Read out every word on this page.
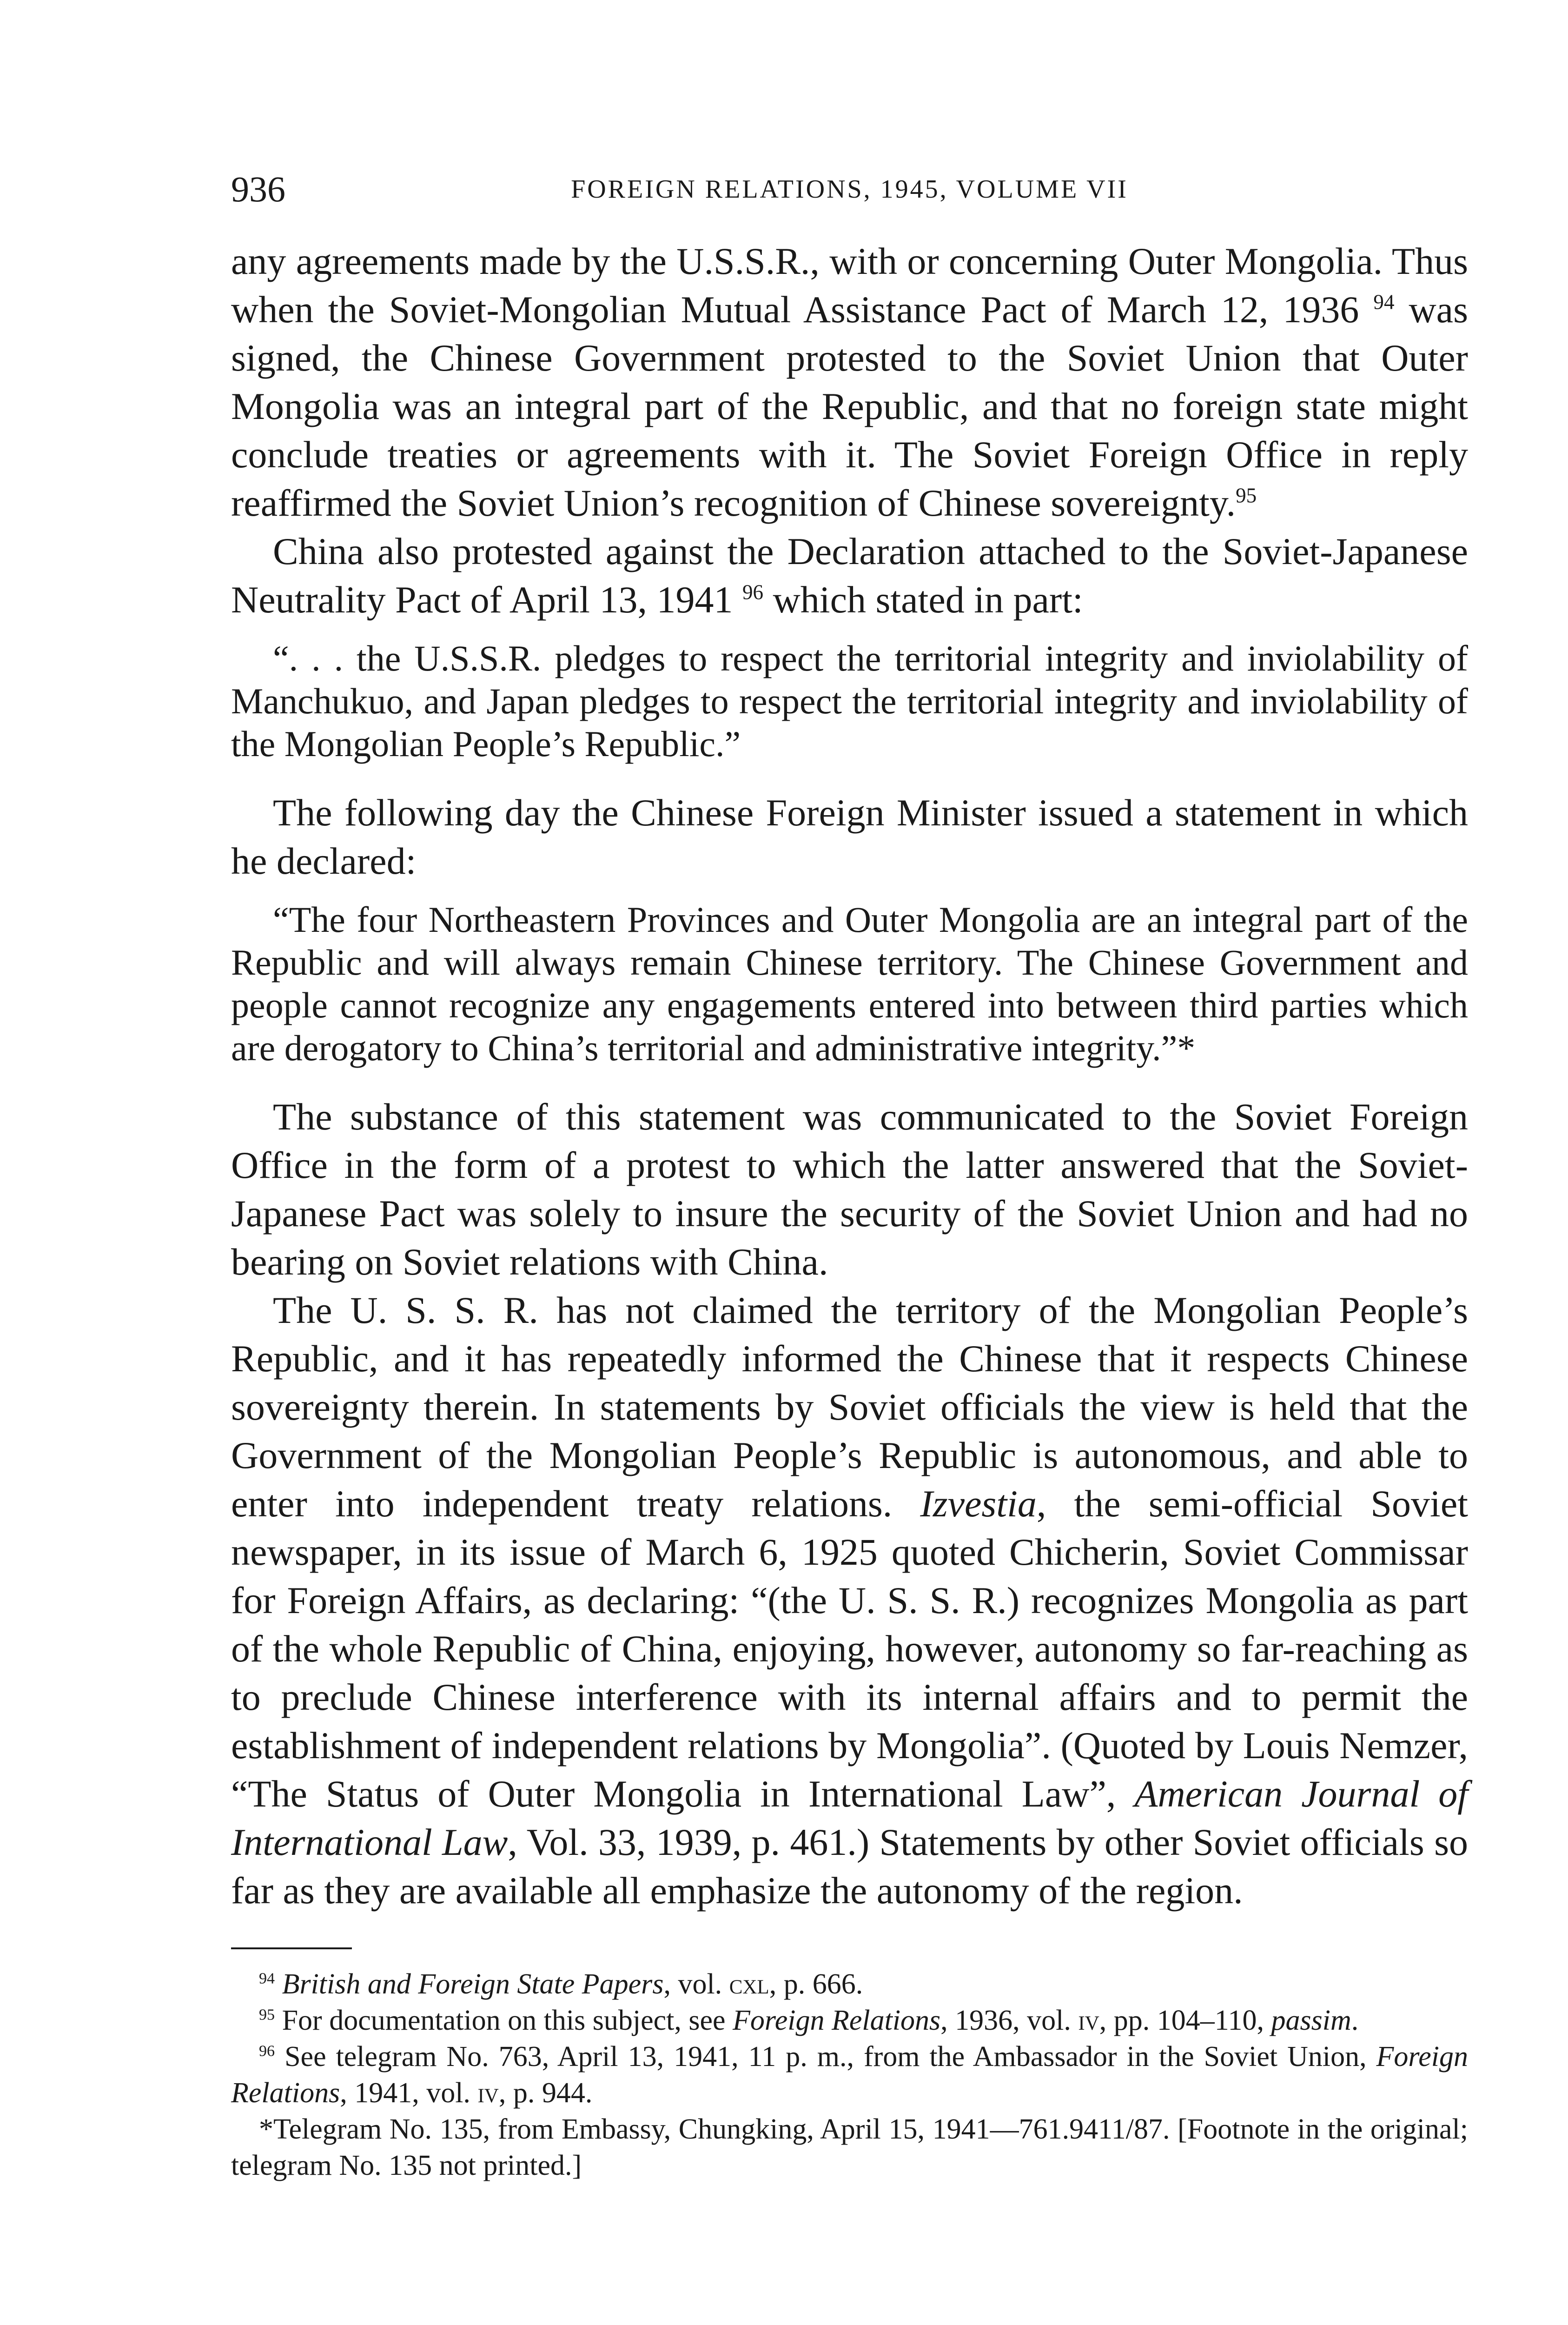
936	FOREIGN RELATIONS, 1945, VOLUME VII

any agreements made by the U.S.S.R., with or concerning Outer Mongolia. Thus when the Soviet-Mongolian Mutual Assistance Pact of March 12, 1936 $^{94}$ was signed, the Chinese Government protested to the Soviet Union that Outer Mongolia was an integral part of the Republic, and that no foreign state might conclude treaties or agreements with it. The Soviet Foreign Office in reply reaffirmed the Soviet Union’s recognition of Chinese sovereignty.$^{95}$

China also protested against the Declaration attached to the Soviet-Japanese Neutrality Pact of April 13, 1941 $^{96}$ which stated in part:

“. . . the U.S.S.R. pledges to respect the territorial integrity and inviolability of Manchukuo, and Japan pledges to respect the territorial integrity and inviolability of the Mongolian People’s Republic.”

The following day the Chinese Foreign Minister issued a statement in which he declared:

“The four Northeastern Provinces and Outer Mongolia are an integral part of the Republic and will always remain Chinese territory. The Chinese Government and people cannot recognize any engagements entered into between third parties which are derogatory to China’s territorial and administrative integrity.”*

The substance of this statement was communicated to the Soviet Foreign Office in the form of a protest to which the latter answered that the Soviet-Japanese Pact was solely to insure the security of the Soviet Union and had no bearing on Soviet relations with China.

The U. S. S. R. has not claimed the territory of the Mongolian People’s Republic, and it has repeatedly informed the Chinese that it respects Chinese sovereignty therein. In statements by Soviet officials the view is held that the Government of the Mongolian People’s Republic is autonomous, and able to enter into independent treaty relations. Izvestia, the semi-official Soviet newspaper, in its issue of March 6, 1925 quoted Chicherin, Soviet Commissar for Foreign Affairs, as declaring: “(the U. S. S. R.) recognizes Mongolia as part of the whole Republic of China, enjoying, however, autonomy so far-reaching as to preclude Chinese interference with its internal affairs and to permit the establishment of independent relations by Mongolia”. (Quoted by Louis Nemzer, “The Status of Outer Mongolia in International Law”, American Journal of International Law, Vol. 33, 1939, p. 461.) Statements by other Soviet officials so far as they are available all emphasize the autonomy of the region.

$^{94}$ British and Foreign State Papers, vol. cxl, p. 666.

$^{95}$ For documentation on this subject, see Foreign Relations, 1936, vol. iv, pp. 104–110, passim.

$^{96}$ See telegram No. 763, April 13, 1941, 11 p. m., from the Ambassador in the Soviet Union, Foreign Relations, 1941, vol. iv, p. 944.

*Telegram No. 135, from Embassy, Chungking, April 15, 1941—761.9411/87. [Footnote in the original; telegram No. 135 not printed.]
